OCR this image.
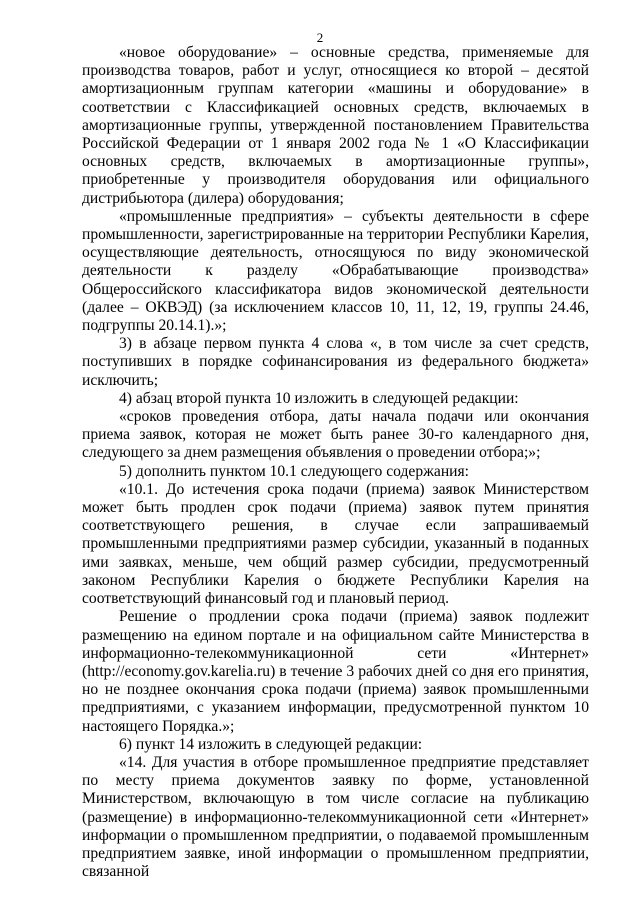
2

«новое оборудование» – основные средства, применяемые для производства товаров, работ и услуг, относящиеся ко второй – десятой амортизационным группам категории «машины и оборудование» в соответствии с Классификацией основных средств, включаемых в амортизационные группы, утвержденной постановлением Правительства Российской Федерации от 1 января 2002 года № 1 «О Классификации основных средств, включаемых в амортизационные группы», приобретенные у производителя оборудования или официального дистрибьютора (дилера) оборудования;

«промышленные предприятия» – субъекты деятельности в сфере промышленности, зарегистрированные на территории Республики Карелия, осуществляющие деятельность, относящуюся по виду экономической деятельности к разделу «Обрабатывающие производства» Общероссийского классификатора видов экономической деятельности (далее – ОКВЭД) (за исключением классов 10, 11, 12, 19, группы 24.46, подгруппы 20.14.1).»;

3) в абзаце первом пункта 4 слова «, в том числе за счет средств, поступивших в порядке софинансирования из федерального бюджета» исключить;

4) абзац второй пункта 10 изложить в следующей редакции:

«сроков проведения отбора, даты начала подачи или окончания приема заявок, которая не может быть ранее 30-го календарного дня, следующего за днем размещения объявления о проведении отбора;»;

5) дополнить пунктом 10.1 следующего содержания:

«10.1. До истечения срока подачи (приема) заявок Министерством может быть продлен срок подачи (приема) заявок путем принятия соответствующего решения, в случае если запрашиваемый промышленными предприятиями размер субсидии, указанный в поданных ими заявках, меньше, чем общий размер субсидии, предусмотренный законом Республики Карелия о бюджете Республики Карелия на соответствующий финансовый год и плановый период.

Решение о продлении срока подачи (приема) заявок подлежит размещению на едином портале и на официальном сайте Министерства в информационно-телекоммуникационной сети «Интернет» (http://economy.gov.karelia.ru) в течение 3 рабочих дней со дня его принятия, но не позднее окончания срока подачи (приема) заявок промышленными предприятиями, с указанием информации, предусмотренной пунктом 10 настоящего Порядка.»;

6) пункт 14 изложить в следующей редакции:

«14. Для участия в отборе промышленное предприятие представляет по месту приема документов заявку по форме, установленной Министерством, включающую в том числе согласие на публикацию (размещение) в информационно-телекоммуникационной сети «Интернет» информации о промышленном предприятии, о подаваемой промышленным предприятием заявке, иной информации о промышленном предприятии, связанной
